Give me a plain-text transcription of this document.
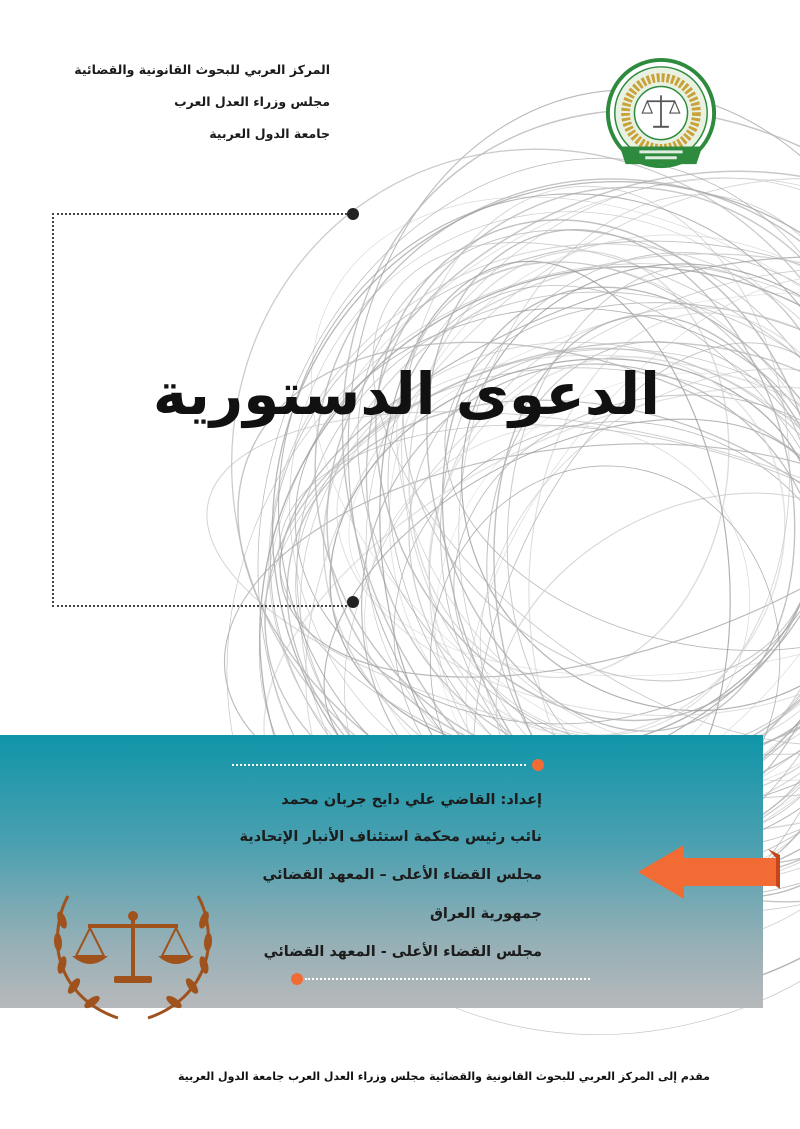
المركز العربي للبحوث القانونية والقضائية
مجلس وزراء العدل العرب
جامعة الدول العربية
الدعوى الدستورية
إعداد: القاضي علي دايح جربان محمد
نائب رئيس محكمة استئناف الأنبار الإتحادية
مجلس القضاء الأعلى – المعهد القضائي
جمهورية العراق
مجلس القضاء الأعلى - المعهد القضائي
مقدم إلى المركز العربي للبحوث القانونية والقضائية مجلس وزراء العدل العرب جامعة الدول العربية
